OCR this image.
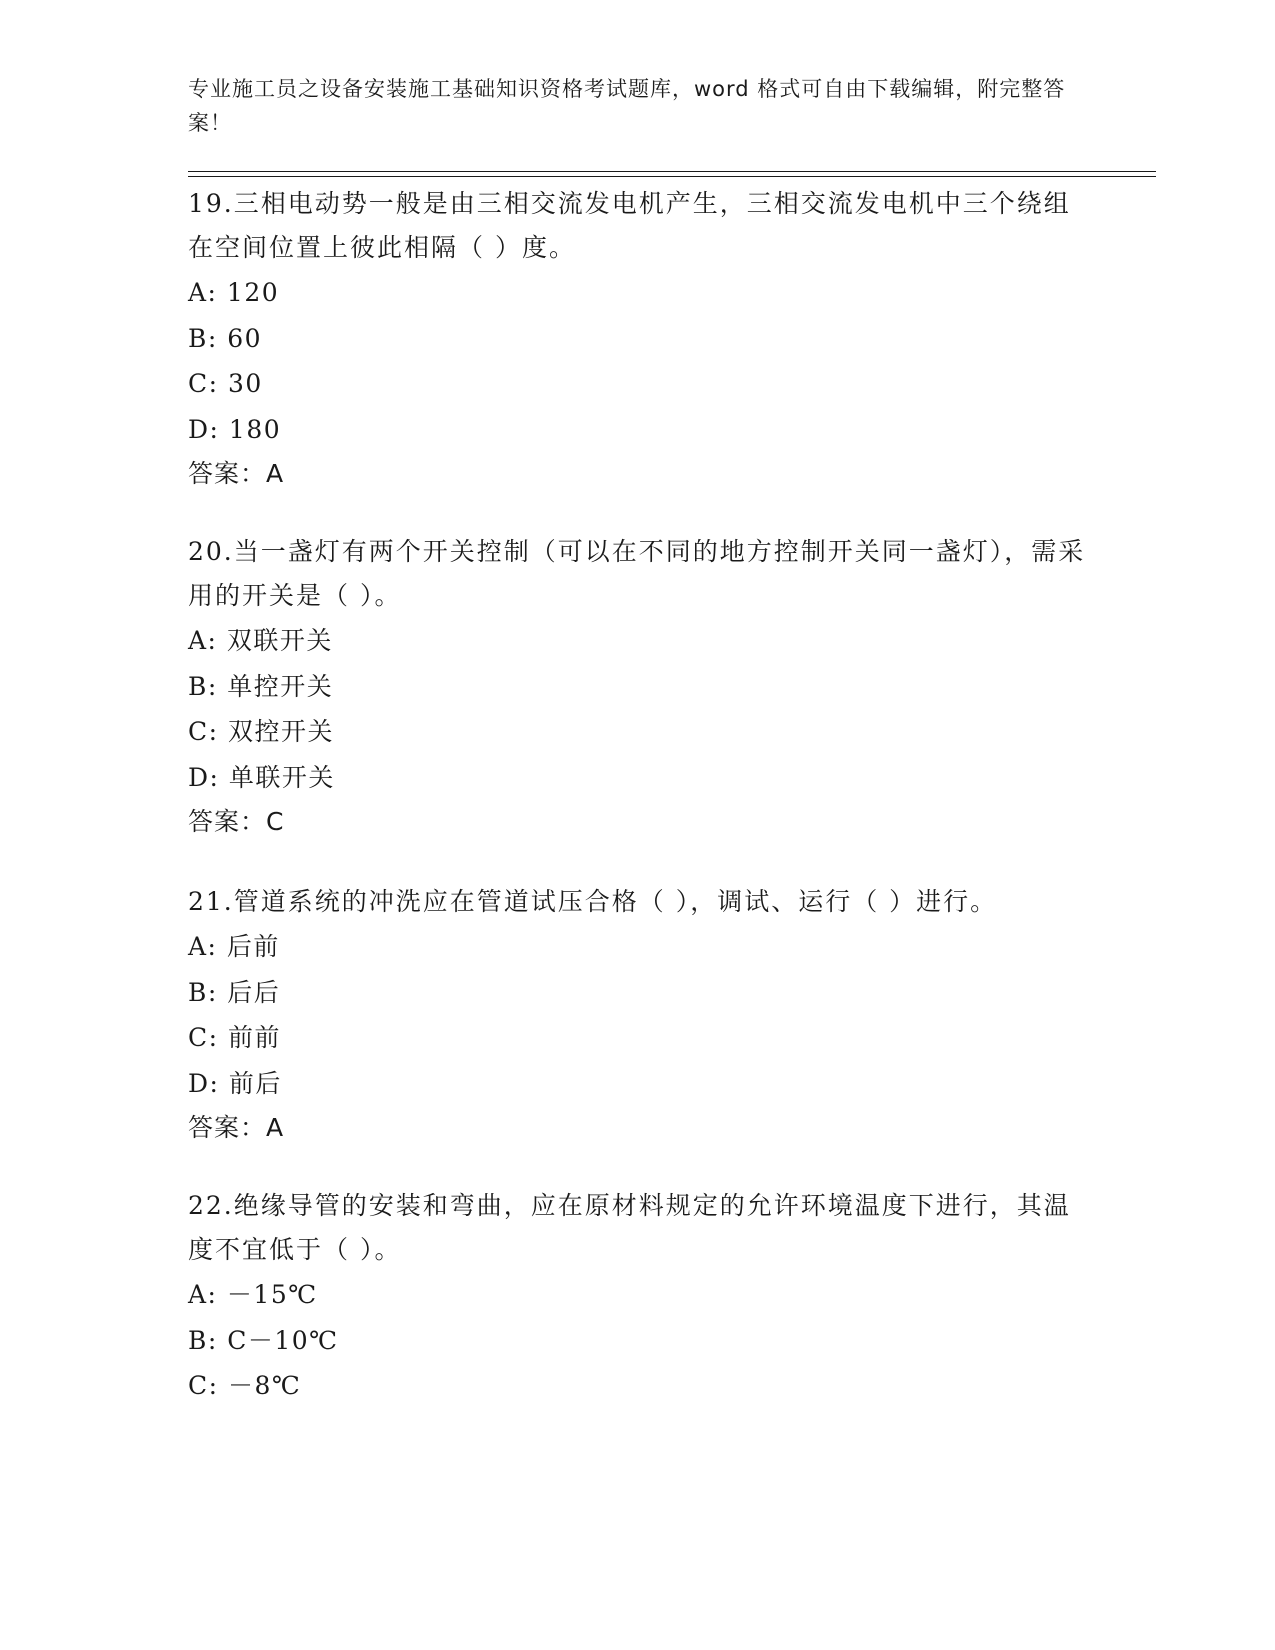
专业施工员之设备安装施工基础知识资格考试题库，word 格式可自由下载编辑，附完整答案！

19.三相电动势一般是由三相交流发电机产生，三相交流发电机中三个绕组在空间位置上彼此相隔（ ）度。

A: 120

B: 60

C: 30

D: 180

答案：A

20.当一盏灯有两个开关控制（可以在不同的地方控制开关同一盏灯），需采用的开关是（ ）。

A: 双联开关

B: 单控开关

C: 双控开关

D: 单联开关

答案：C

21.管道系统的冲洗应在管道试压合格（ ），调试、运行（ ）进行。

A: 后前

B: 后后

C: 前前

D: 前后

答案：A

22.绝缘导管的安装和弯曲，应在原材料规定的允许环境温度下进行，其温度不宜低于（ ）。

A: －15℃

B: C－10℃

C: －8℃
